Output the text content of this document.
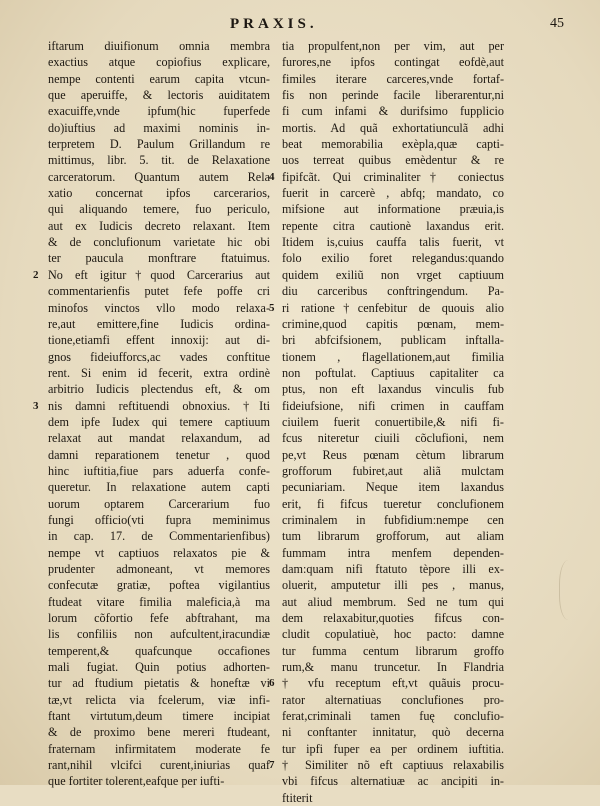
PRAXIS.	45
iftarum diuifionum omnia membra
exactius atque copiofius explicare,
nempe contenti earum capita vtcun-
que aperuiffe, & lectoris auiditatem
exacuiffe,vnde ipfum(hic fuperfede
do)iuftius ad maximi nominis in-
terpretem D. Paulum Grillandum re
mittimus, libr. 5. tit. de Relaxatione
carceratorum. Quantum autem Rela
xatio concernat ipfos carcerarios,
qui aliquando temere, fuo periculo,
aut ex Iudicis decreto relaxant. Item
& de conclufionum varietate hic obi
ter paucula monftrare ftatuimus.
2 No eft igitur†quod Carcerarius aut
commentarienfis putet fefe poffe cri
minofos vinctos vllo modo relaxa-
re,aut emittere,fine Iudicis ordina-
tione,etiamfi effent innoxij: aut di-
gnos fideiufforcs,ac vades conftitue
rent. Si enim id fecerit, extra ordinè
arbitrio Iudicis plectendus eft, & om
3 nis damni reftituendi obnoxius. †Iti
dem ipfe Iudex qui temere captiuum
relaxat aut mandat relaxandum, ad
damni reparationem tenetur , quod
hinc iuftitia,fiue pars aduerfa confe-
queretur. In relaxatione autem capti
uorum optarem Carcerarium fuo
fungi officio(vti fupra meminimus
in cap. 17. de Commentarienfibus)
nempe vt captiuos relaxatos pie &
prudenter admoneant, vt memores
confecutæ gratiæ, poftea vigilantius
ftudeat vitare fimilia maleficia,à ma
lorum cõfortio fefe abftrahant, ma
lis confiliis non aufcultent,iracundiæ
temperent,& quafcunque occafiones
mali fugiat. Quin potius adhorten-
tur ad ftudium pietatis & honeftæ vi
tæ,vt relicta via fcelerum, viæ infi-
ftant virtutum,deum timere incipiat
& de proximo bene mereri ftudeant,
fraternam infirmitatem moderate fe
rant,nihil vlcifci curent,iniurias quaf
que fortiter tolerent,eafque per iufti-
tia propulfent,non per vim, aut per
furores,ne ipfos contingat eofdè,aut
fimiles iterare carceres,vnde fortaf-
fis non perinde facile liberarentur,ni
fi cum infami & durifsimo fupplicio
mortis. Ad quã exhortatiunculã adhi
beat memorabilia exèpla,quæ capti-
uos terreat quibus emèdentur & re
4 fipifcãt. Qui criminaliter† coniectus
fuerit in carcerè , abfq; mandato, co
mifsione aut informatione præuia,is
repente citra cautionè laxandus erit.
Itidem is,cuius cauffa talis fuerit, vt
folo exilio foret relegandus:quando
quidem exiliũ non vrget captiuum
diu carceribus conftringendum. Pa-
5 ri ratione†cenfebitur de quouis alio
crimine,quod capitis pœnam, mem-
bri abfcifsionem, publicam inftalla-
tionem , flagellationem,aut fimilia
non poftulat. Captiuus capitaliter ca
ptus, non eft laxandus vinculis fub
fideiufsione, nifi crimen in cauffam
ciuilem fuerit conuertibile,& nifi fi-
fcus niteretur ciuili cõclufioni, nem
pe,vt Reus pœnam cètum librarum
grofforum fubiret,aut aliã mulctam
pecuniariam. Neque item laxandus
erit, fi fifcus tueretur conclufionem
criminalem in fubfidium:nempe cen
tum librarum grofforum, aut aliam
fummam intra menfem dependen-
dam:quam nifi ftatuto tèpore illi ex-
oluerit, amputetur illi pes , manus,
aut aliud membrum. Sed ne tum qui
dem relaxabitur,quoties fifcus con-
cludit copulatiuè, hoc pacto: damne
tur fumma centum librarum groffo
rum,& manu truncetur. In Flandria
6 † vfu receptum eft,vt quãuis procu-
rator alternatiuas conclufiones pro-
ferat,criminali tamen fuę conclufio-
ni conftanter innitatur, quò decerna
tur ipfi fuper ea per ordinem iuftitia.
7 † Similiter nõ eft captiuus relaxabilis
vbi fifcus alternatiuæ ac ancipiti in-
ftiterit
